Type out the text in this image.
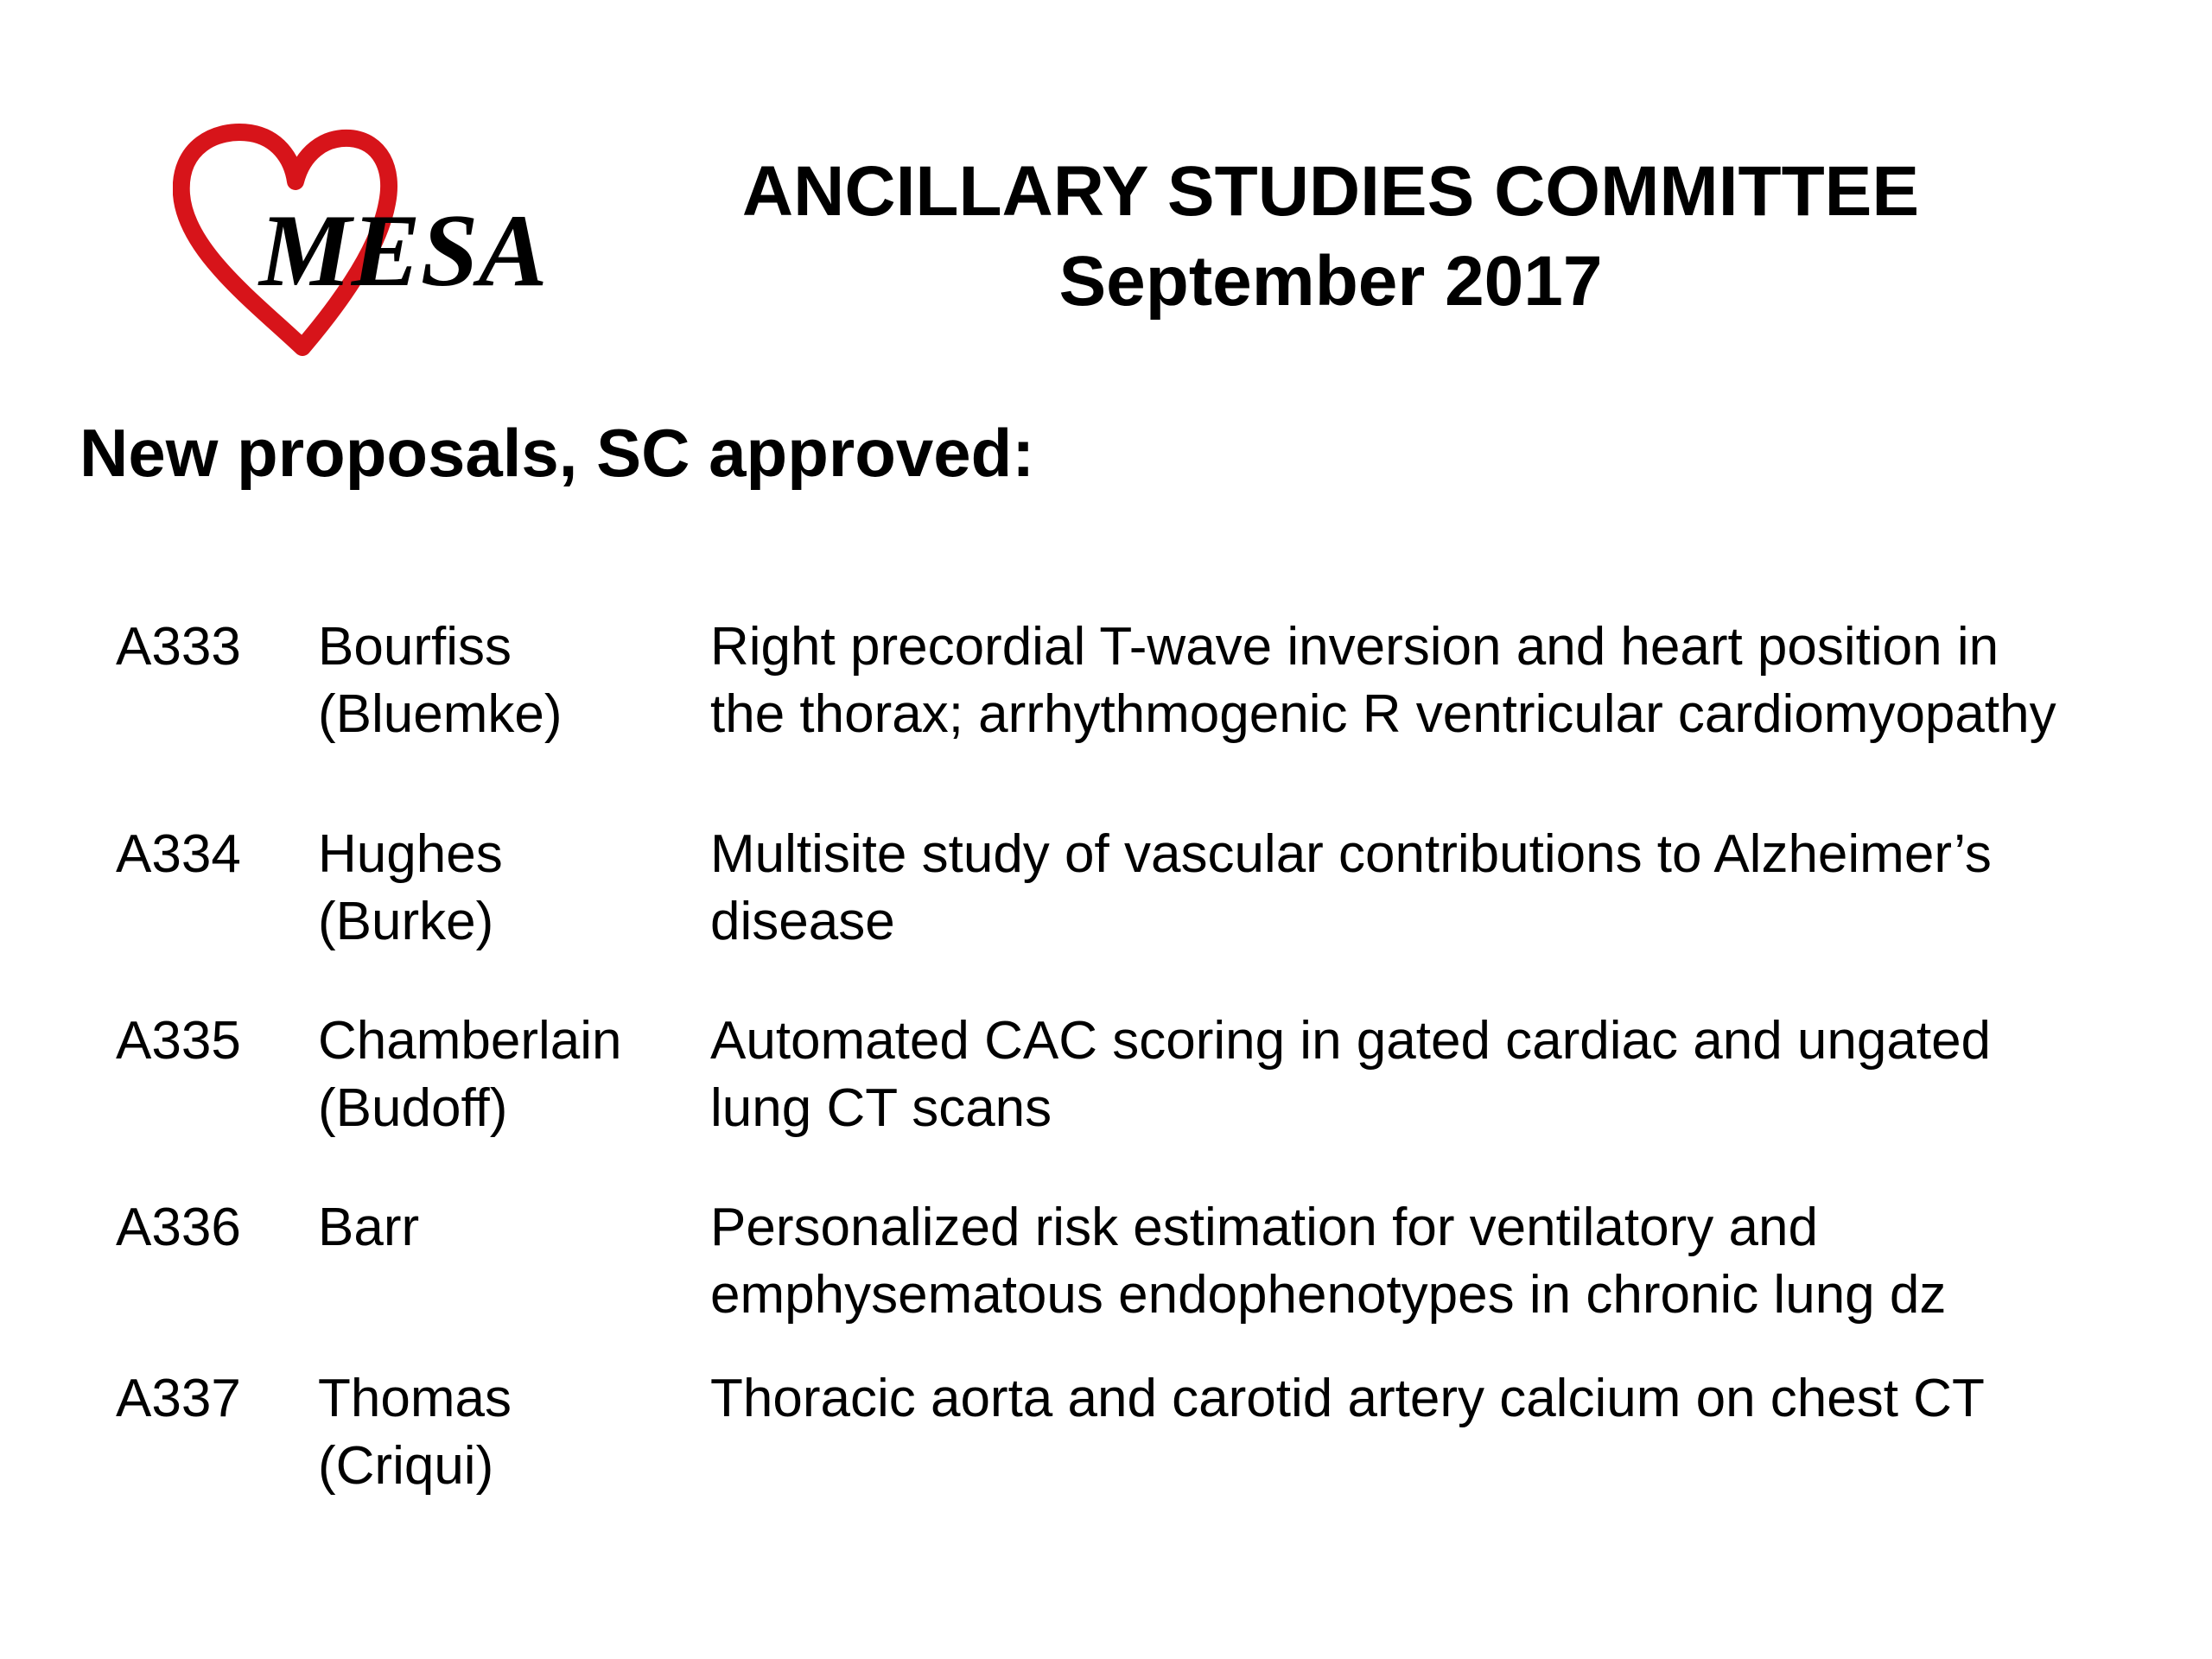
MESA
ANCILLARY STUDIES COMMITTEE
September 2017
New proposals, SC approved:
A333 Bourfiss
(Bluemke)
Right precordial T-wave inversion and heart position in
the thorax; arrhythmogenic R ventricular cardiomyopathy
A334 Hughes
(Burke)
Multisite study of vascular contributions to Alzheimer’s
disease
A335 Chamberlain
(Budoff)
Automated CAC scoring in gated cardiac and ungated
lung CT scans
A336 Barr	Personalized risk estimation for ventilatory and
emphysematous endophenotypes in chronic lung dz
A337 Thomas
(Criqui)
Thoracic aorta and carotid artery calcium on chest CT
